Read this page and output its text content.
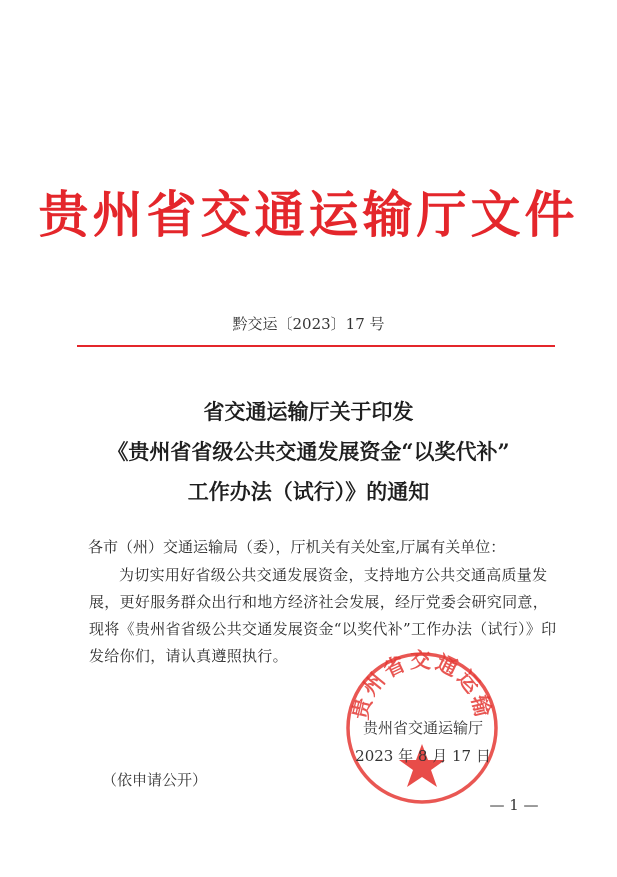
贵州省交通运输厅文件
黔交运〔2023〕17 号
省交通运输厅关于印发
《贵州省省级公共交通发展资金“以奖代补”
工作办法（试行）》的通知
各市（州）交通运输局（委），厅机关有关处室,厅属有关单位：
为切实用好省级公共交通发展资金，支持地方公共交通高质量发展，更好服务群众出行和地方经济社会发展，经厅党委会研究同意，现将《贵州省省级公共交通发展资金“以奖代补”工作办法（试行）》印发给你们，请认真遵照执行。
贵州省交通运输
贵州省交通运输厅
2023 年 8 月 17 日
（依申请公开）
— 1 —
